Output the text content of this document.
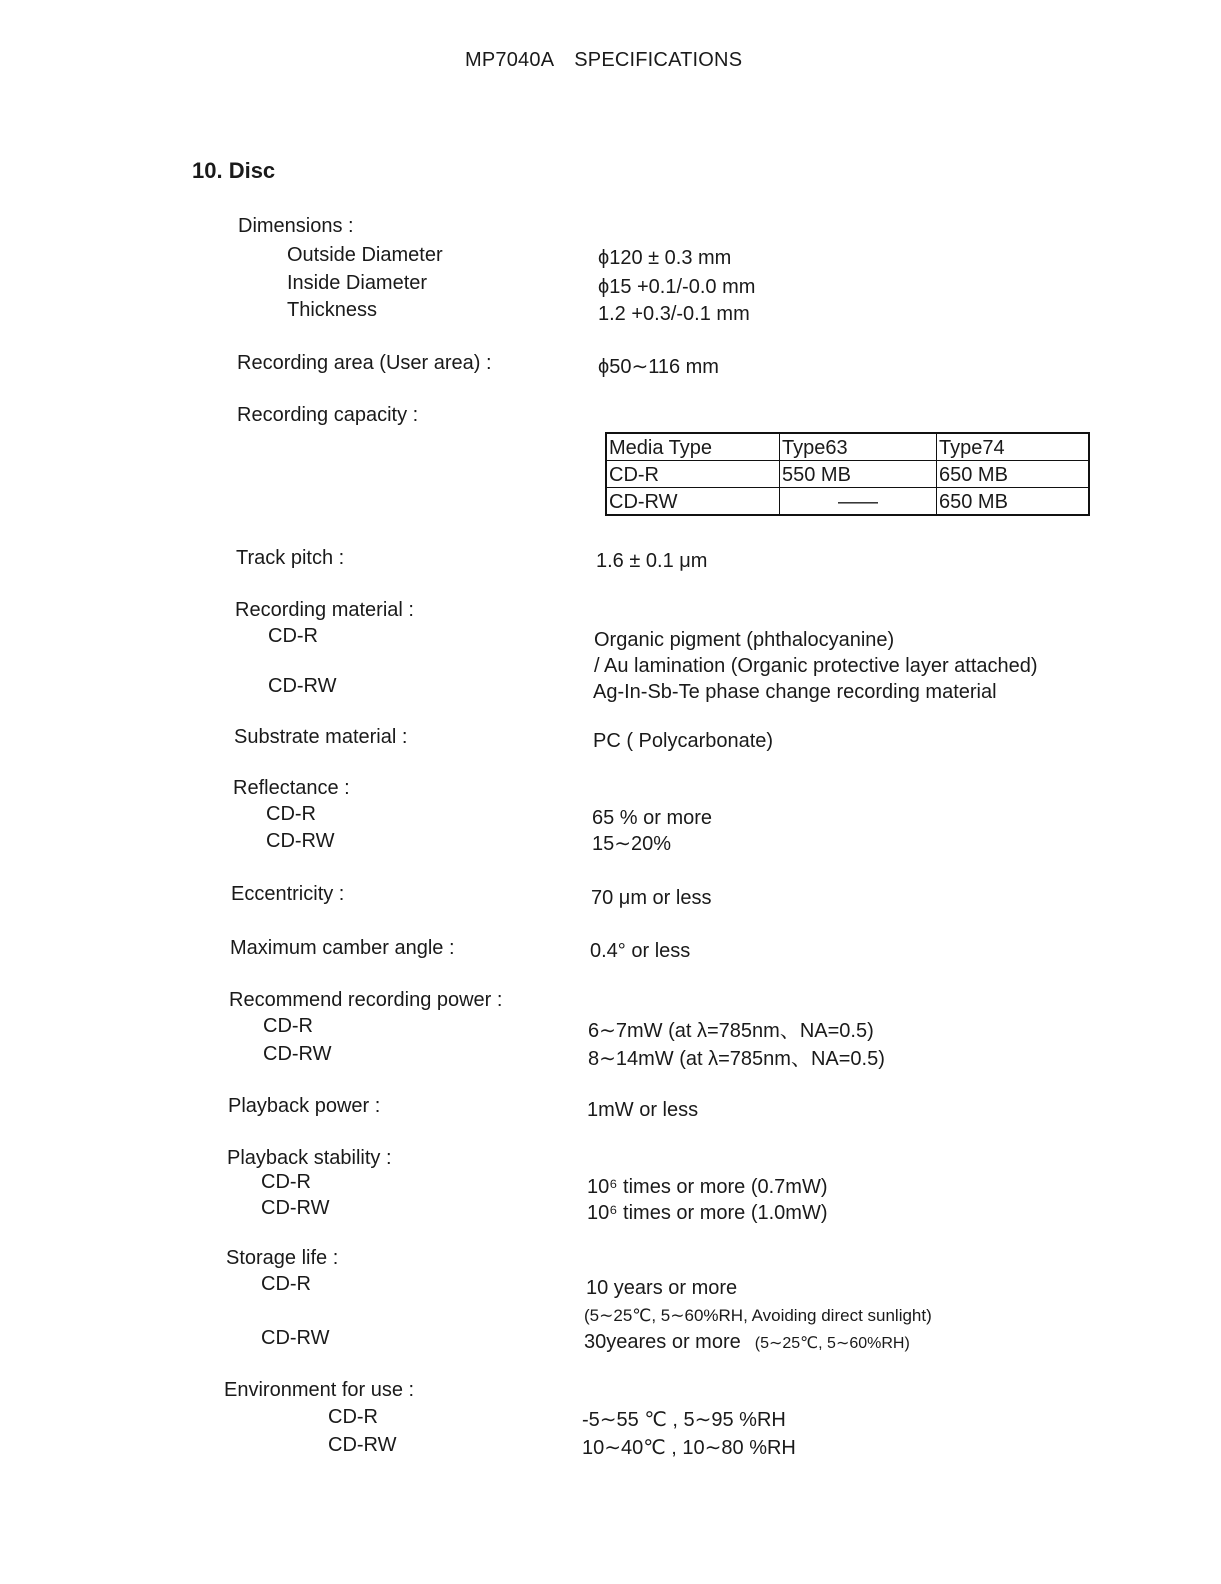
MP7040A SPECIFICATIONS
10. Disc
Dimensions :
Outside Diameter	ϕ120 ± 0.3 mm
Inside Diameter	ϕ15 +0.1/-0.0 mm
Thickness	1.2 +0.3/-0.1 mm
Recording area (User area) :	ϕ50∼116 mm
Recording capacity :
Media Type	Type63	Type74
CD-R	550 MB	650 MB
CD-RW	——	650 MB
Track pitch :	1.6 ± 0.1 μm
Recording material :
CD-R	Organic pigment (phthalocyanine)
/ Au lamination (Organic protective layer attached)
CD-RW	Ag-In-Sb-Te phase change recording material
Substrate material :	PC ( Polycarbonate)
Reflectance :
CD-R	65 % or more
CD-RW	15∼20%
Eccentricity :	70 μm or less
Maximum camber angle :	0.4° or less
Recommend recording power :
CD-R	6∼7mW (at λ=785nm、NA=0.5)
CD-RW	8∼14mW (at λ=785nm、NA=0.5)
Playback power :	1mW or less
Playback stability :
CD-R	10⁶ times or more (0.7mW)
CD-RW	10⁶ times or more (1.0mW)
Storage life :
CD-R	10 years or more
(5∼25℃, 5∼60%RH, Avoiding direct sunlight)
CD-RW	30yeares or more (5∼25℃, 5∼60%RH)
Environment for use :
CD-R	-5∼55 ℃ , 5∼95 %RH
CD-RW	10∼40℃ , 10∼80 %RH
